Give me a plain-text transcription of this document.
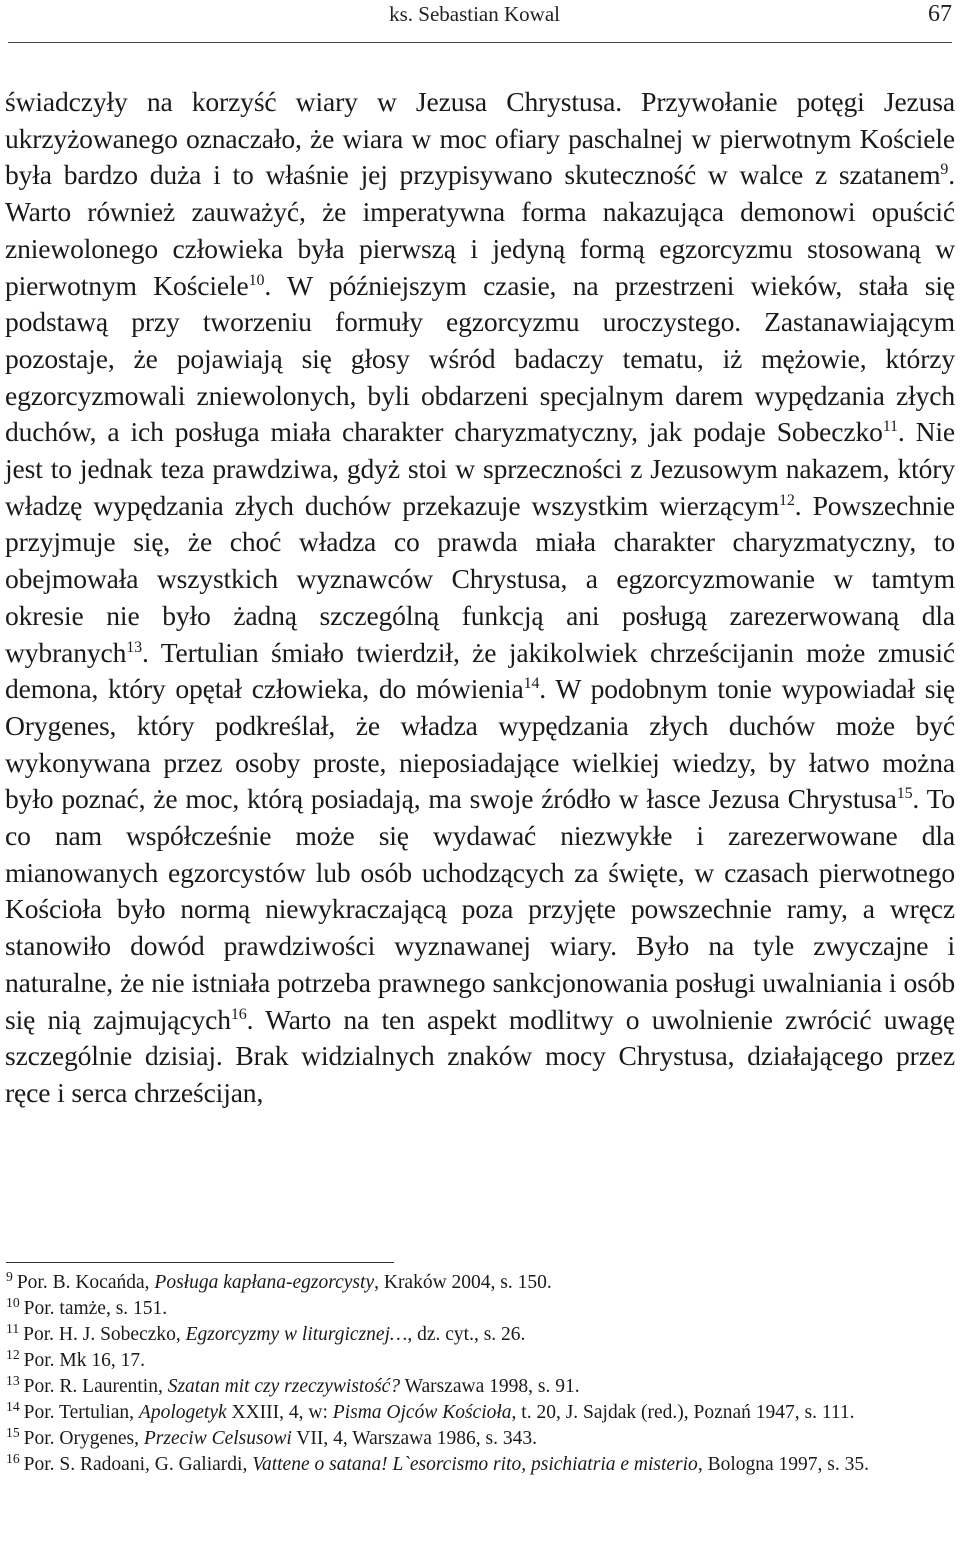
ks. Sebastian Kowal	67

świadczyły na korzyść wiary w Jezusa Chrystusa. Przywołanie potęgi Jezusa ukrzyżowanego oznaczało, że wiara w moc ofiary paschalnej w pierwotnym Kościele była bardzo duża i to właśnie jej przypisywano skuteczność w walce z szatanem$^9$. Warto również zauważyć, że imperatywna forma nakazująca demonowi opuścić zniewolonego człowieka była pierwszą i jedyną formą egzorcyzmu stosowaną w pierwotnym Kościele$^{10}$. W późniejszym czasie, na przestrzeni wieków, stała się podstawą przy tworzeniu formuły egzorcyzmu uroczystego. Zastanawiającym pozostaje, że pojawiają się głosy wśród badaczy tematu, iż mężowie, którzy egzorcyzmowali zniewolonych, byli obdarzeni specjalnym darem wypędzania złych duchów, a ich posługa miała charakter charyzmatyczny, jak podaje Sobeczko$^{11}$. Nie jest to jednak teza prawdziwa, gdyż stoi w sprzeczności z Jezusowym nakazem, który władzę wypędzania złych duchów przekazuje wszystkim wierzącym$^{12}$. Powszechnie przyjmuje się, że choć władza co prawda miała charakter charyzmatyczny, to obejmowała wszystkich wyznawców Chrystusa, a egzorcyzmowanie w tamtym okresie nie było żadną szczególną funkcją ani posługą zarezerwowaną dla wybranych$^{13}$. Tertulian śmiało twierdził, że jakikolwiek chrześcijanin może zmusić demona, który opętał człowieka, do mówienia$^{14}$. W podobnym tonie wypowiadał się Orygenes, który podkreślał, że władza wypędzania złych duchów może być wykonywana przez osoby proste, nieposiadające wielkiej wiedzy, by łatwo można było poznać, że moc, którą posiadają, ma swoje źródło w łasce Jezusa Chrystusa$^{15}$. To co nam współcześnie może się wydawać niezwykłe i zarezerwowane dla mianowanych egzorcystów lub osób uchodzących za święte, w czasach pierwotnego Kościoła było normą niewykraczającą poza przyjęte powszechnie ramy, a wręcz stanowiło dowód prawdziwości wyznawanej wiary. Było na tyle zwyczajne i naturalne, że nie istniała potrzeba prawnego sankcjonowania posługi uwalniania i osób się nią zajmujących$^{16}$. Warto na ten aspekt modlitwy o uwolnienie zwrócić uwagę szczególnie dzisiaj. Brak widzialnych znaków mocy Chrystusa, działającego przez ręce i serca chrześcijan,

$^9$ Por. B. Kocańda, Posługa kapłana-egzorcysty, Kraków 2004, s. 150.

$^{10}$ Por. tamże, s. 151.

$^{11}$ Por. H. J. Sobeczko, Egzorcyzmy w liturgicznej…, dz. cyt., s. 26.

$^{12}$ Por. Mk 16, 17.

$^{13}$ Por. R. Laurentin, Szatan mit czy rzeczywistość? Warszawa 1998, s. 91.

$^{14}$ Por. Tertulian, Apologetyk XXIII, 4, w: Pisma Ojców Kościoła, t. 20, J. Sajdak (red.), Poznań 1947, s. 111.

$^{15}$ Por. Orygenes, Przeciw Celsusowi VII, 4, Warszawa 1986, s. 343.

$^{16}$ Por. S. Radoani, G. Galiardi, Vattene o satana! L`esorcismo rito, psichiatria e misterio, Bologna 1997, s. 35.
